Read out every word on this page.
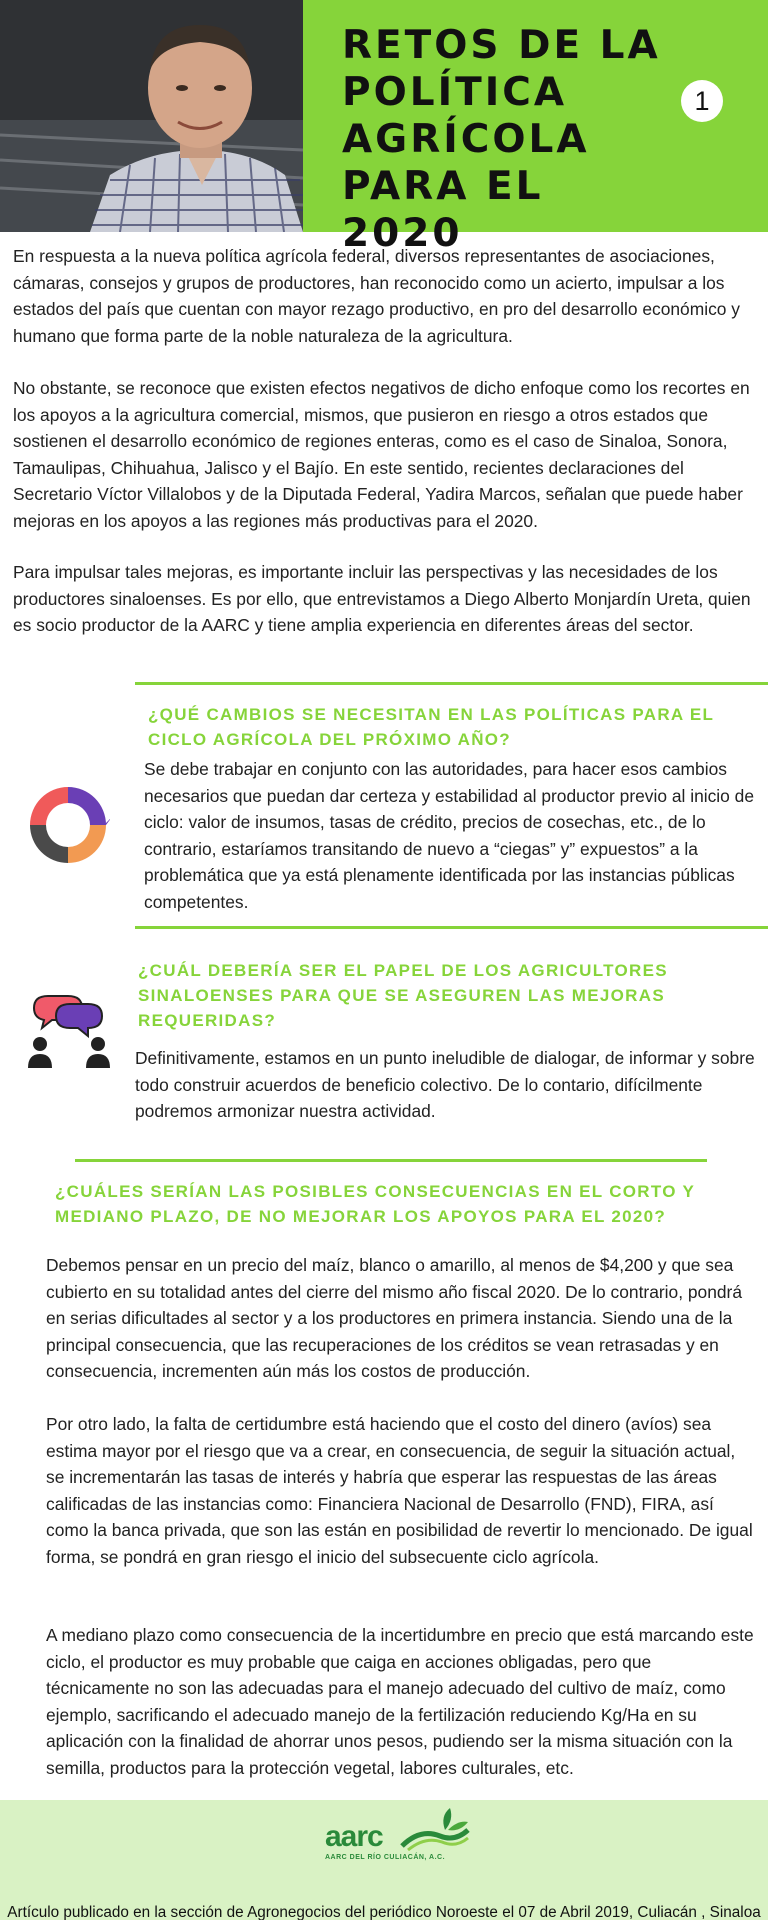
RETOS DE LA POLÍTICA AGRÍCOLA PARA EL 2020
1

En respuesta a la nueva política agrícola federal, diversos representantes de asociaciones, cámaras, consejos y grupos de productores, han reconocido como un acierto, impulsar a los estados del país que cuentan con mayor rezago productivo, en pro del desarrollo económico y humano que forma parte de la noble naturaleza de la agricultura.

No obstante, se reconoce que existen efectos negativos de dicho enfoque como los recortes en los apoyos a la agricultura comercial, mismos, que pusieron en riesgo a otros estados que sostienen el desarrollo económico de regiones enteras, como es el caso de Sinaloa, Sonora, Tamaulipas, Chihuahua, Jalisco y el Bajío. En este sentido, recientes declaraciones del Secretario Víctor Villalobos y de la Diputada Federal, Yadira Marcos, señalan que puede haber mejoras en los apoyos a las regiones más productivas para el 2020.

Para impulsar tales mejoras, es importante incluir las perspectivas y las necesidades de los productores sinaloenses. Es por ello, que entrevistamos a Diego Alberto Monjardín Ureta, quien es socio productor de la AARC y tiene amplia experiencia en diferentes áreas del sector.

¿QUÉ CAMBIOS SE NECESITAN EN LAS POLÍTICAS PARA EL CICLO AGRÍCOLA DEL PRÓXIMO AÑO?

Se debe trabajar en conjunto con las autoridades, para hacer esos cambios necesarios que puedan dar certeza y estabilidad al productor previo al inicio de ciclo: valor de insumos, tasas de crédito, precios de cosechas, etc., de lo contrario, estaríamos transitando de nuevo a “ciegas” y” expuestos” a la problemática que ya está plenamente identificada por las instancias públicas competentes.

¿CUÁL DEBERÍA SER EL PAPEL DE LOS AGRICULTORES SINALOENSES PARA QUE SE ASEGUREN LAS MEJORAS REQUERIDAS?

Definitivamente, estamos en un punto ineludible de dialogar, de informar y sobre todo construir acuerdos de beneficio colectivo. De lo contario, difícilmente podremos armonizar nuestra actividad.

¿CUÁLES SERÍAN LAS POSIBLES CONSECUENCIAS EN EL CORTO Y MEDIANO PLAZO, DE NO MEJORAR LOS APOYOS PARA EL 2020?

Debemos pensar en un precio del maíz, blanco o amarillo, al menos de $4,200 y que sea cubierto en su totalidad antes del cierre del mismo año fiscal 2020. De lo contrario, pondrá en serias dificultades al sector y a los productores en primera instancia. Siendo una de la principal consecuencia, que las recuperaciones de los créditos se vean retrasadas y en consecuencia, incrementen aún más los costos de producción.

Por otro lado, la falta de certidumbre está haciendo que el costo del dinero (avíos) sea estima mayor por el riesgo que va a crear, en consecuencia, de seguir la situación actual, se incrementarán las tasas de interés y habría que esperar las respuestas de las áreas calificadas de las instancias como: Financiera Nacional de Desarrollo (FND), FIRA, así como la banca privada, que son las están en posibilidad de revertir lo mencionado. De igual forma, se pondrá en gran riesgo el inicio del subsecuente ciclo agrícola.

A mediano plazo como consecuencia de la incertidumbre en precio que está marcando este ciclo, el productor es muy probable que caiga en acciones obligadas, pero que técnicamente no son las adecuadas para el manejo adecuado del cultivo de maíz, como ejemplo, sacrificando el adecuado manejo de la fertilización reduciendo Kg/Ha en su aplicación con la finalidad de ahorrar unos pesos, pudiendo ser la misma situación con la semilla, productos para la protección vegetal, labores culturales, etc.

aarc
AARC DEL RÍO CULIACÁN, A.C.
Artículo publicado en la sección de Agronegocios del periódico Noroeste el 07 de Abril 2019, Culiacán , Sinaloa
